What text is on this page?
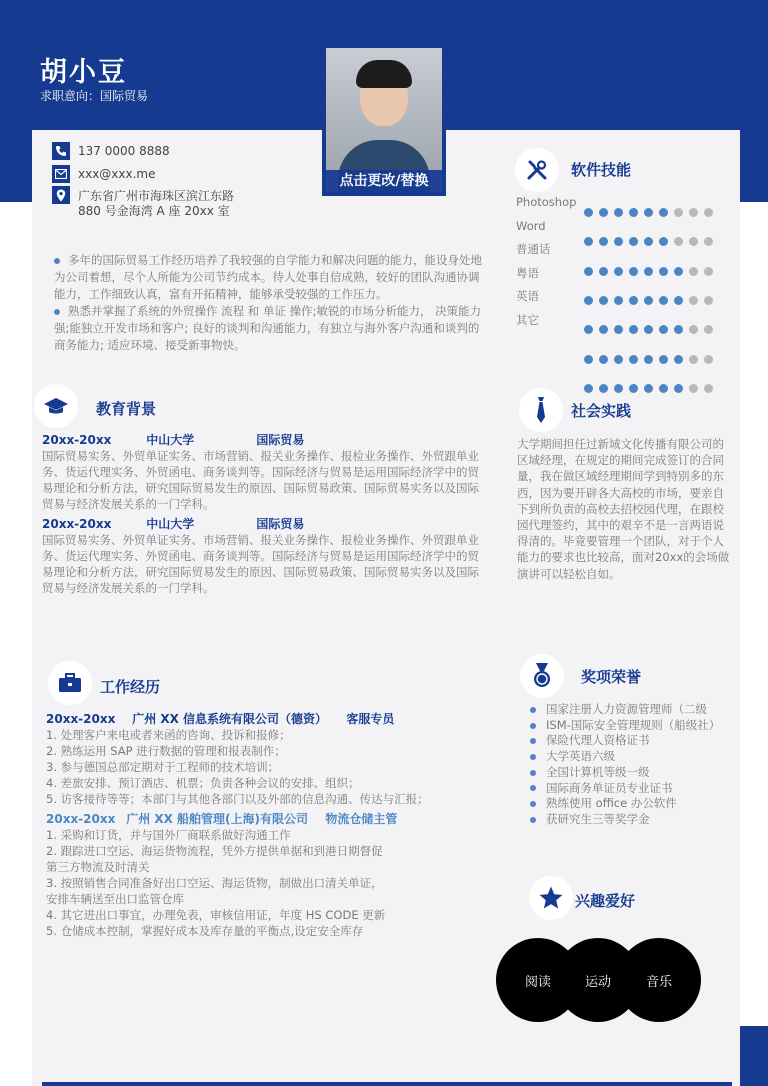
胡小豆
求职意向：国际贸易
点击更改/替换
137 0000 8888
xxx@xxx.me
广东省广州市海珠区滨江东路
880 号金海湾 A 座 20xx 室

多年的国际贸易工作经历培养了我较强的自学能力和解决问题的能力，能设身处地为公司着想，尽个人所能为公司节约成本。待人处事自信成熟，较好的团队沟通协调能力，工作细致认真，富有开拓精神，能够承受较强的工作压力。

熟悉并掌握了系统的外贸操作 流程 和 单证 操作;敏锐的市场分析能力， 决策能力强;能独立开发市场和客户; 良好的谈判和沟通能力，有独立与海外客户沟通和谈判的商务能力; 适应环境、接受新事物快。

软件技能
Photoshop
Word
普通话
粤语
英语
其它
教育背景
20xx-20xx	中山大学	国际贸易
国际贸易实务、外贸单证实务、市场营销、报关业务操作、报检业务操作、外贸跟单业务、货运代理实务、外贸函电、商务谈判等。国际经济与贸易是运用国际经济学中的贸易理论和分析方法，研究国际贸易发生的原因、国际贸易政策、国际贸易实务以及国际贸易与经济发展关系的一门学科。
20xx-20xx	中山大学	国际贸易
国际贸易实务、外贸单证实务、市场营销、报关业务操作、报检业务操作、外贸跟单业务、货运代理实务、外贸函电、商务谈判等。国际经济与贸易是运用国际经济学中的贸易理论和分析方法，研究国际贸易发生的原因、国际贸易政策、国际贸易实务以及国际贸易与经济发展关系的一门学科。
社会实践
大学期间担任过新域文化传播有限公司的区域经理，在规定的期间完成签订的合同量，我在做区域经理期间学到特别多的东西，因为要开辟各大高校的市场，要亲自下到所负责的高校去招校园代理，在跟校园代理签约，其中的艰辛不是一言两语说得清的。毕竟要管理一个团队，对于个人能力的要求也比较高，面对20xx的会场做演讲可以轻松自如。
工作经历
20xx-20xx 广州 XX 信息系统有限公司（德资） 客服专员
1. 处理客户来电或者来函的咨询、投诉和报修；
2. 熟练运用 SAP 进行数据的管理和报表制作；
3. 参与德国总部定期对于工程师的技术培训；
4. 差旅安排、预订酒店、机票；负责各种会议的安排、组织；
5. 访客接待等等；本部门与其他各部门以及外部的信息沟通、传达与汇报；
20xx-20xx 广州 XX 船舶管理(上海)有限公司 物流仓储主管
1. 采购和订货，并与国外厂商联系做好沟通工作
2. 跟踪进口空运、海运货物流程，凭外方提供单据和到港日期督促
第三方物流及时清关
3. 按照销售合同准备好出口空运、海运货物，制做出口清关单证，
安排车辆送至出口监管仓库
4. 其它进出口事宜，办理免表，审核信用证，年度 HS CODE 更新
5. 仓储成本控制，掌握好成本及库存量的平衡点,设定安全库存
奖项荣誉
国家注册人力资源管理师（二级
ISM-国际安全管理规则（船级社）
保险代理人资格证书
大学英语六级
全国计算机等级一级
国际商务单证员专业证书
熟练使用 office 办公软件
获研究生三等奖学金
兴趣爱好
阅读	运动	音乐
